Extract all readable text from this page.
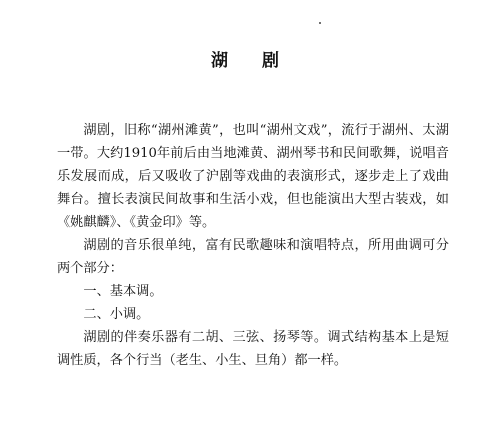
湖 剧

湖剧，旧称“湖州滩黄”，也叫“湖州文戏”，流行于湖州、太湖一带。大约1910年前后由当地滩黄、湖州琴书和民间歌舞，说唱音乐发展而成，后又吸收了沪剧等戏曲的表演形式，逐步走上了戏曲舞台。擅长表演民间故事和生活小戏，但也能演出大型古装戏，如《姚麒麟》、《黄金印》等。

湖剧的音乐很单纯，富有民歌趣味和演唱特点，所用曲调可分两个部分：

一、基本调。

二、小调。

湖剧的伴奏乐器有二胡、三弦、扬琴等。调式结构基本上是短调性质，各个行当（老生、小生、旦角）都一样。
